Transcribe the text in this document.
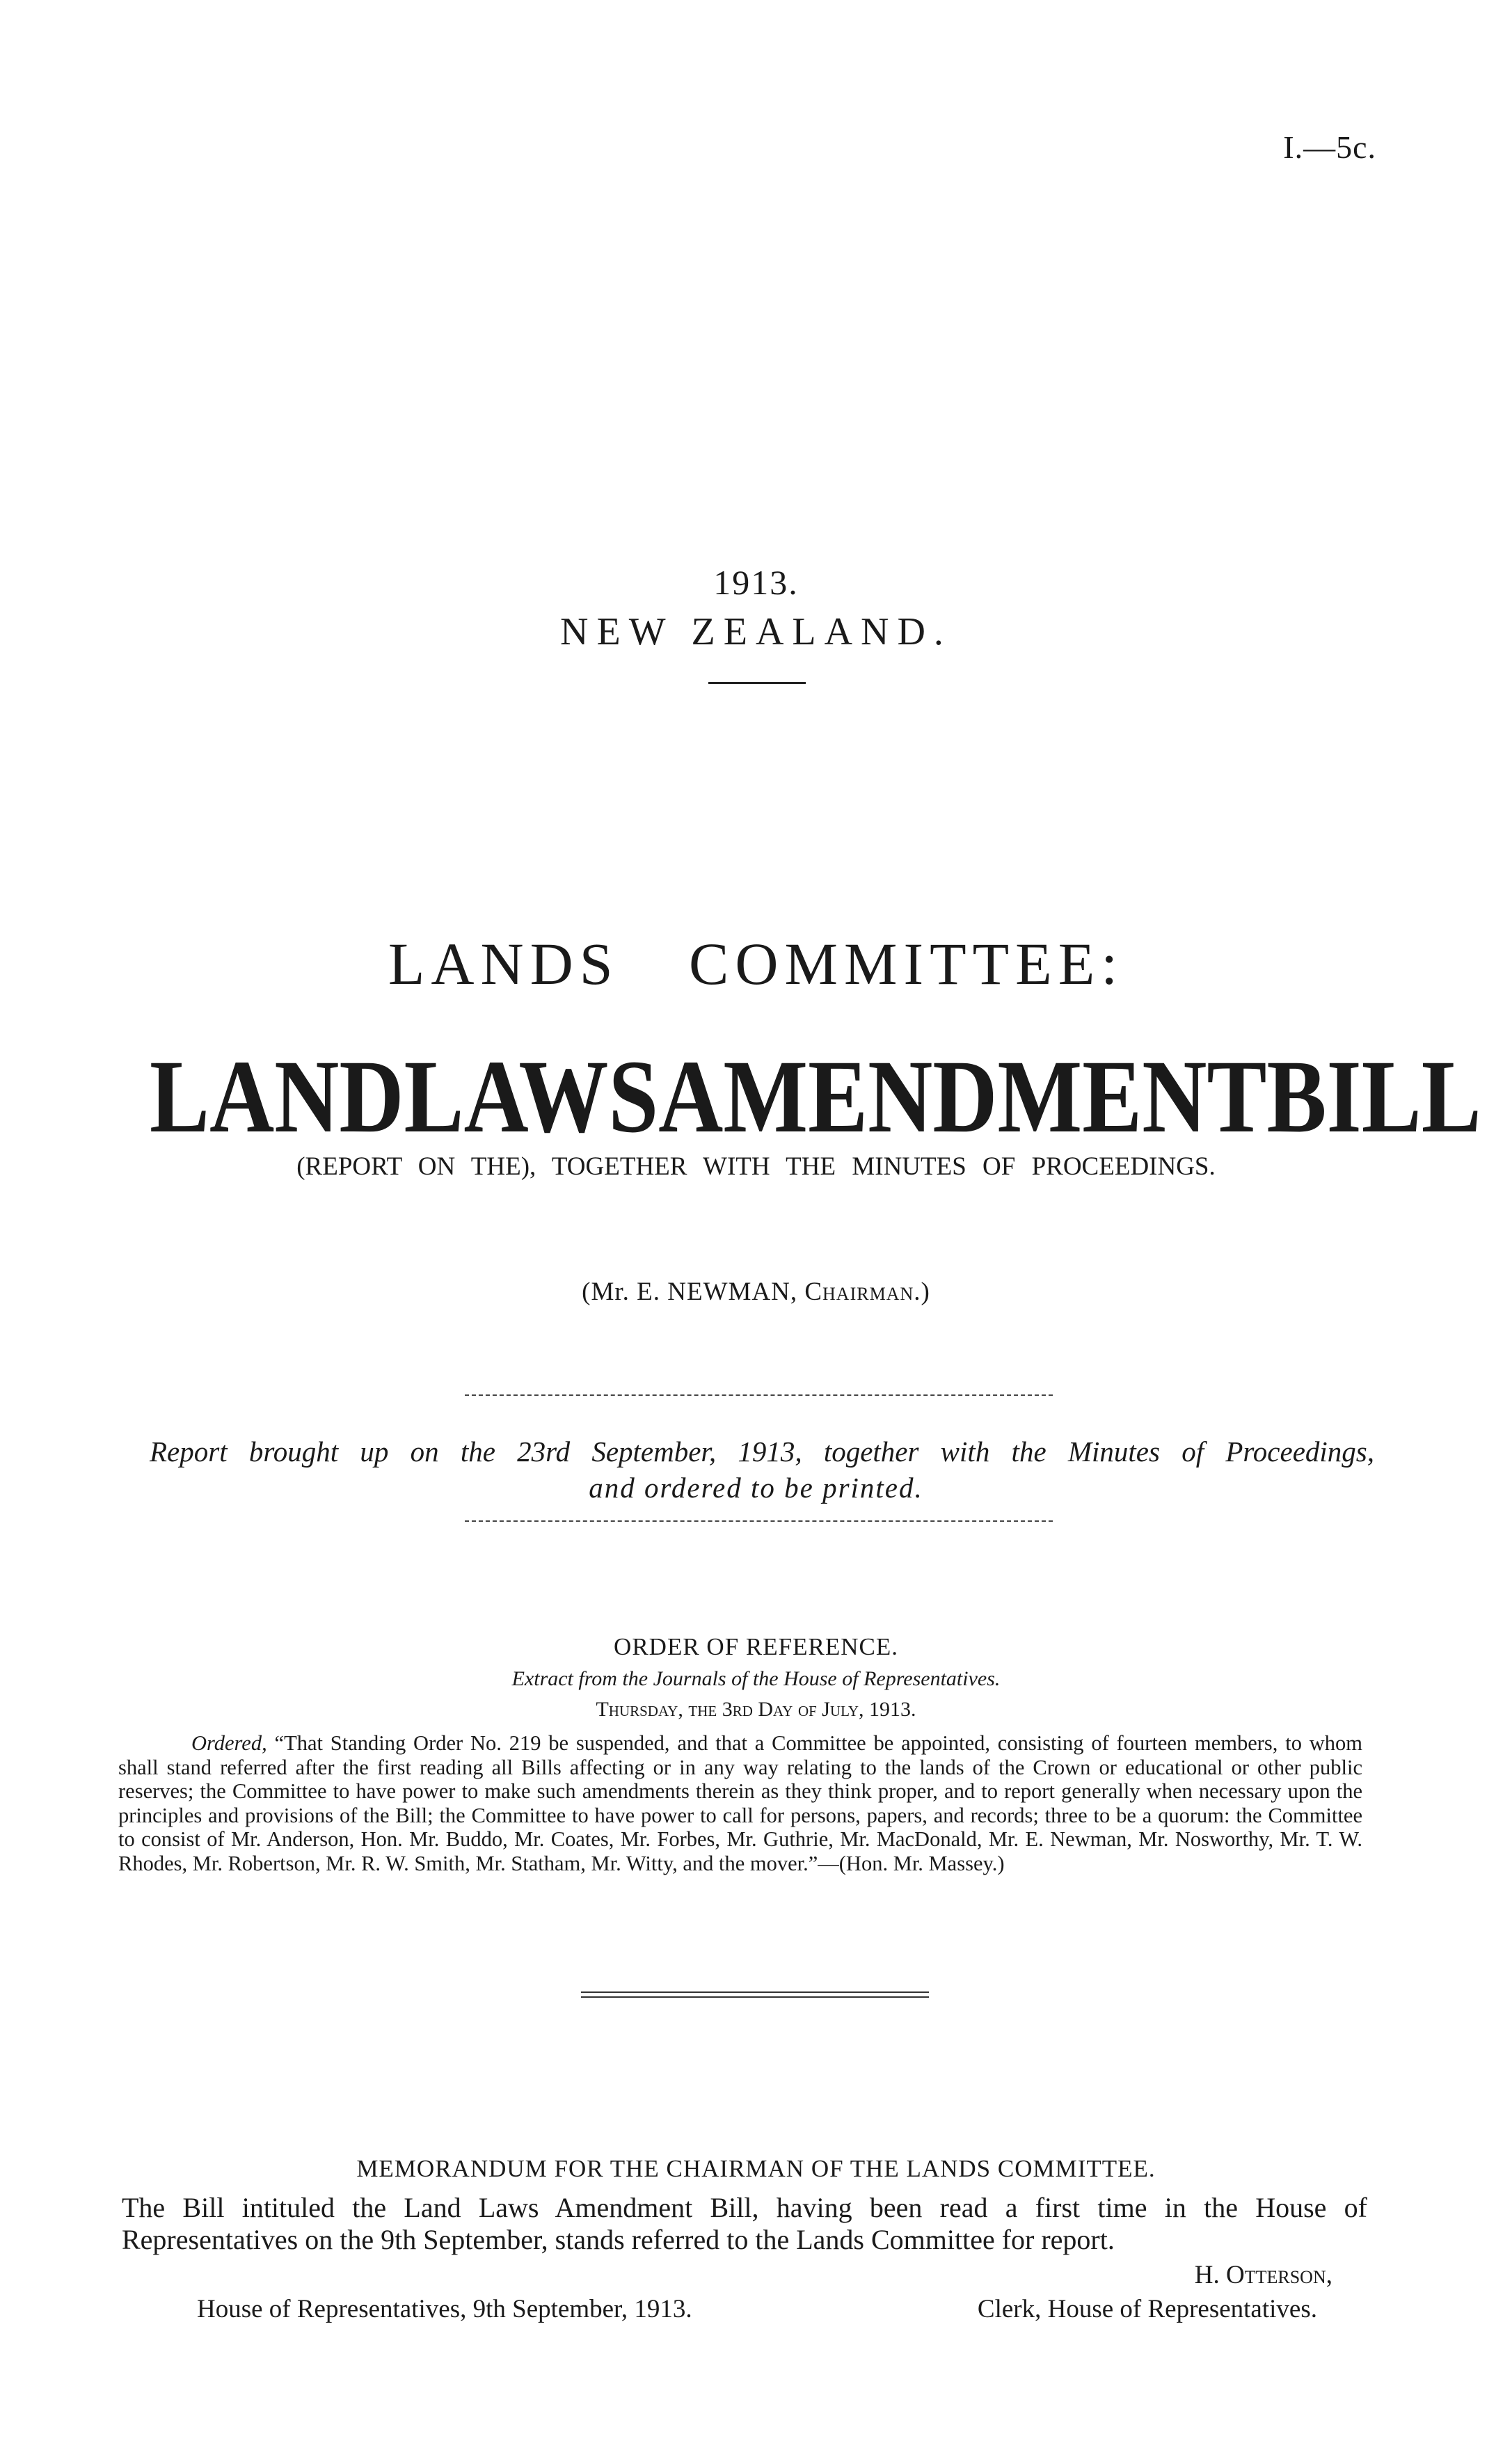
I.—5c.
1913.
NEW ZEALAND.
LANDS COMMITTEE:
LAND LAWS AMENDMENT BILL
(REPORT ON THE), TOGETHER WITH THE MINUTES OF PROCEEDINGS.
(Mr. E. NEWMAN, Chairman.)
Report brought up on the 23rd September, 1913, together with the Minutes of Proceedings,
and ordered to be printed.
ORDER OF REFERENCE.
Extract from the Journals of the House of Representatives.
Thursday, the 3rd Day of July, 1913.
Ordered, “That Standing Order No. 219 be suspended, and that a Committee be appointed, consisting of fourteen members, to whom shall stand referred after the first reading all Bills affecting or in any way relating to the lands of the Crown or educational or other public reserves; the Committee to have power to make such amendments therein as they think proper, and to report generally when necessary upon the principles and provisions of the Bill; the Committee to have power to call for persons, papers, and records; three to be a quorum: the Committee to consist of Mr. Anderson, Hon. Mr. Buddo, Mr. Coates, Mr. Forbes, Mr. Guthrie, Mr. MacDonald, Mr. E. Newman, Mr. Nosworthy, Mr. T. W. Rhodes, Mr. Robertson, Mr. R. W. Smith, Mr. Statham, Mr. Witty, and the mover.”—(Hon. Mr. Massey.)
MEMORANDUM FOR THE CHAIRMAN OF THE LANDS COMMITTEE.
The Bill intituled the Land Laws Amendment Bill, having been read a first time in the House of Representatives on the 9th September, stands referred to the Lands Committee for report.
H. Otterson,
House of Representatives, 9th September, 1913.	Clerk, House of Representatives.
